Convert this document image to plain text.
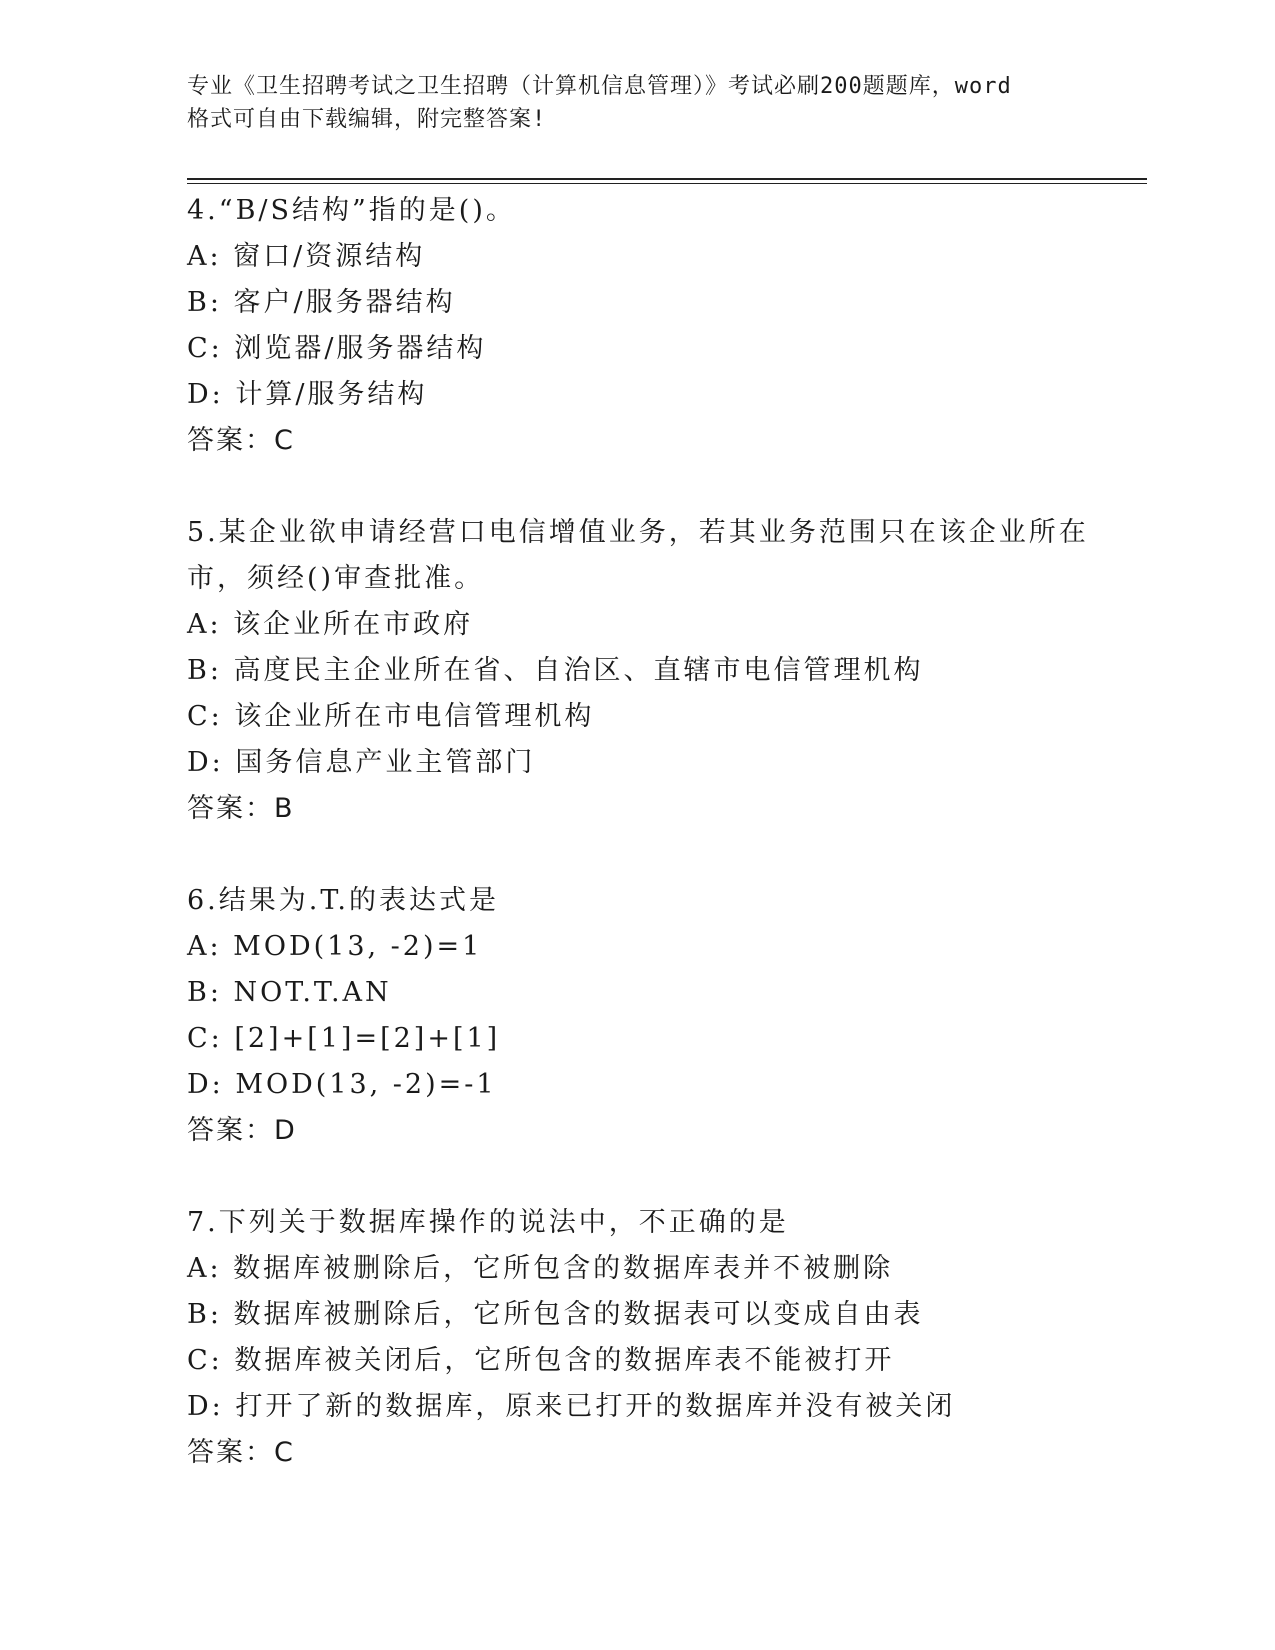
专业《卫生招聘考试之卫生招聘（计算机信息管理）》考试必刷200题题库，word
格式可自由下载编辑，附完整答案!

4.“B/S结构”指的是()。
A: 窗口/资源结构
B: 客户/服务器结构
C: 浏览器/服务器结构
D: 计算/服务结构
答案：C
5.某企业欲申请经营口电信增值业务，若其业务范围只在该企业所在
市，须经()审查批准。
A: 该企业所在市政府
B: 高度民主企业所在省、自治区、直辖市电信管理机构
C: 该企业所在市电信管理机构
D: 国务信息产业主管部门
答案：B
6.结果为.T.的表达式是
A: MOD(13, -2)=1
B: NOT.T.AN
C: [2]+[1]=[2]+[1]
D: MOD(13, -2)=-1
答案：D
7.下列关于数据库操作的说法中，不正确的是
A: 数据库被删除后，它所包含的数据库表并不被删除
B: 数据库被删除后，它所包含的数据表可以变成自由表
C: 数据库被关闭后，它所包含的数据库表不能被打开
D: 打开了新的数据库，原来已打开的数据库并没有被关闭
答案：C
